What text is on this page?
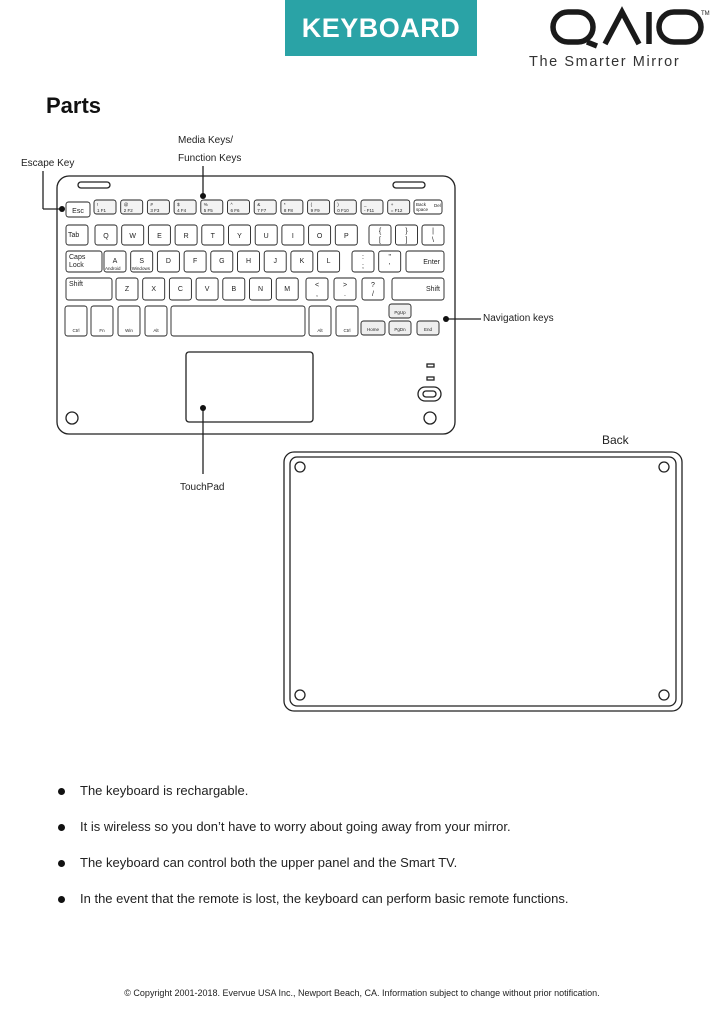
KEYBOARD	TM
The Smarter Mirror
Parts
Media Keys/
Function Keys
Escape Key
Navigation keys
TouchPad
Back
Esc
!
1 F1
@
2 F2
#
3 F3
$
4 F4
%
5 F5
^
6 F6
&
7 F7
*
8 F8
(
9 F9
)
0 F10
_
- F11
+
= F12
Back
space
Del
Tab	Q	W	E	R	T	Y	U	I	O	P
{
[
}
]
|
\
Caps
Lock
A
Android
S
Windows
D	F	G	H	J	K	L
:
;
"
'
Enter
Shift
Z	X	C	V	B	N	M
<
,
>
.
?
/
Shift
Ctrl	Fn	Win	Alt	Alt	Ctrl
PgUp
Home	PgDn	End
The keyboard is rechargable.
It is wireless so you don’t have to worry about going away from your mirror.
The keyboard can control both the upper panel and the Smart TV.
In the event that the remote is lost, the keyboard can perform basic remote functions.
© Copyright 2001-2018. Evervue USA Inc., Newport Beach, CA. Information subject to change without prior notification.
